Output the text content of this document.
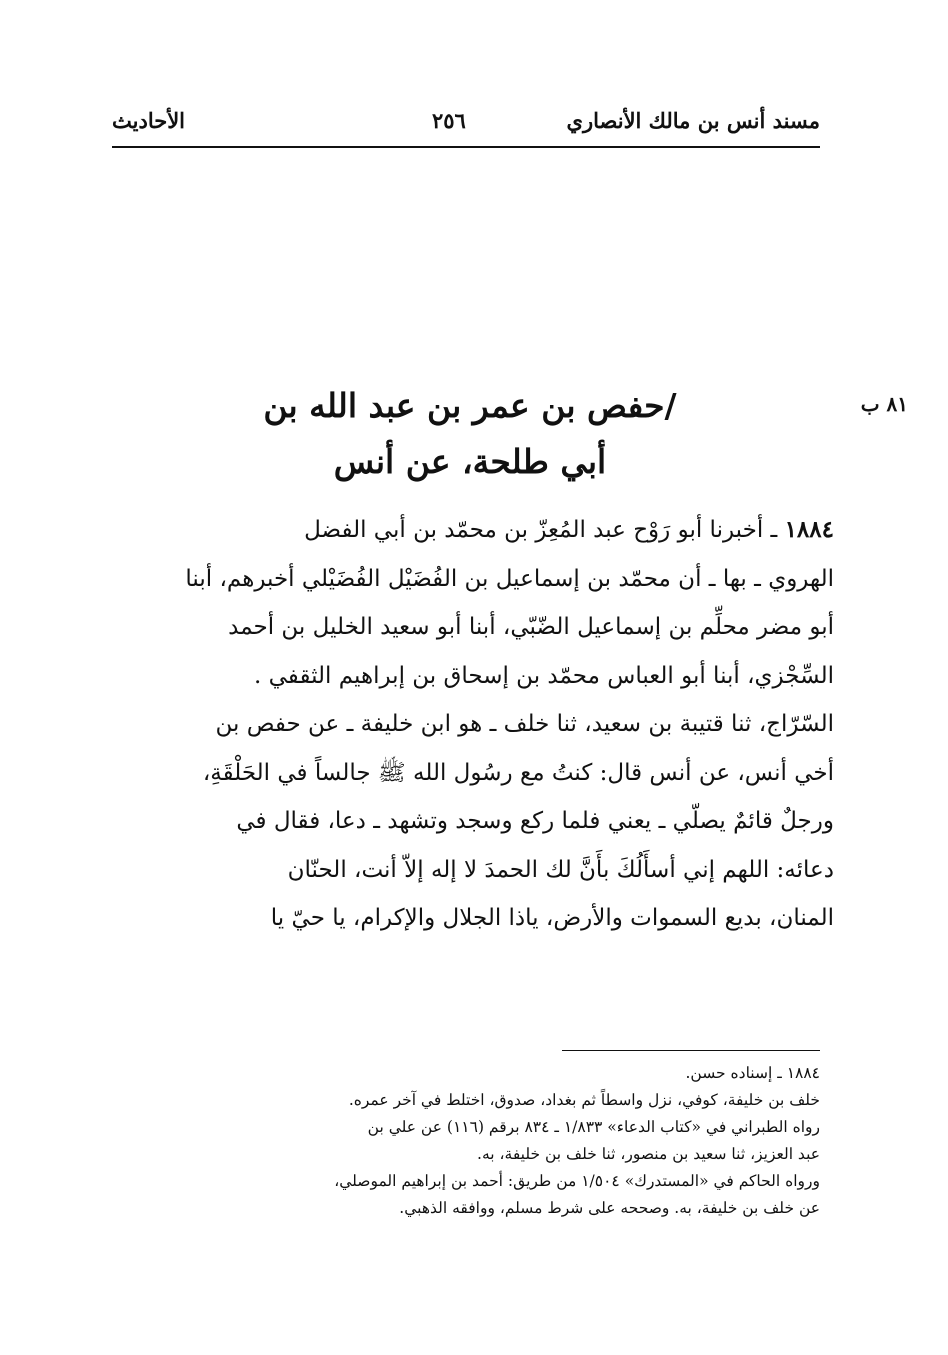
مسند أنس بن مالك الأنصاري
٢٥٦
الأحاديث
٨١ ب
/حفص بن عمر بن عبد الله بن
أبي طلحة، عن أنس
١٨٨٤ ـ أخبرنا أبو رَوْح عبد المُعِزّ بن محمّد بن أبي الفضل
الهروي ـ بها ـ أن محمّد بن إسماعيل بن الفُضَيْل الفُضَيْلي أخبرهم، أبنا
أبو مضر محلِّم بن إسماعيل الضّبّي، أبنا أبو سعيد الخليل بن أحمد
السِّجْزي، أبنا أبو العباس محمّد بن إسحاق بن إبراهيم الثقفي .
السّرّاج، ثنا قتيبة بن سعيد، ثنا خلف ـ هو ابن خليفة ـ عن حفص بن
أخي أنس، عن أنس قال: كنتُ مع رسُول الله ﷺ جالساً في الحَلْقَةِ،
ورجلٌ قائمٌ يصلّي ـ يعني فلما ركع وسجد وتشهد ـ دعا، فقال في
دعائه: اللهم إني أسأَلُكَ بأَنَّ لك الحمدَ لا إله إلاّ أنت، الحنّان
المنان، بديع السموات والأرض، ياذا الجلال والإكرام، يا حيّ يا
١٨٨٤ ـ إسناده حسن.
خلف بن خليفة، كوفي، نزل واسطاً ثم بغداد، صدوق، اختلط في آخر عمره.
رواه الطبراني في «كتاب الدعاء» ١/٨٣٣ ـ ٨٣٤ برقم (١١٦) عن علي بن
عبد العزيز، ثنا سعيد بن منصور، ثنا خلف بن خليفة، به.
ورواه الحاكم في «المستدرك» ١/٥٠٤ من طريق: أحمد بن إبراهيم الموصلي،
عن خلف بن خليفة، به. وصححه على شرط مسلم، ووافقه الذهبي.
